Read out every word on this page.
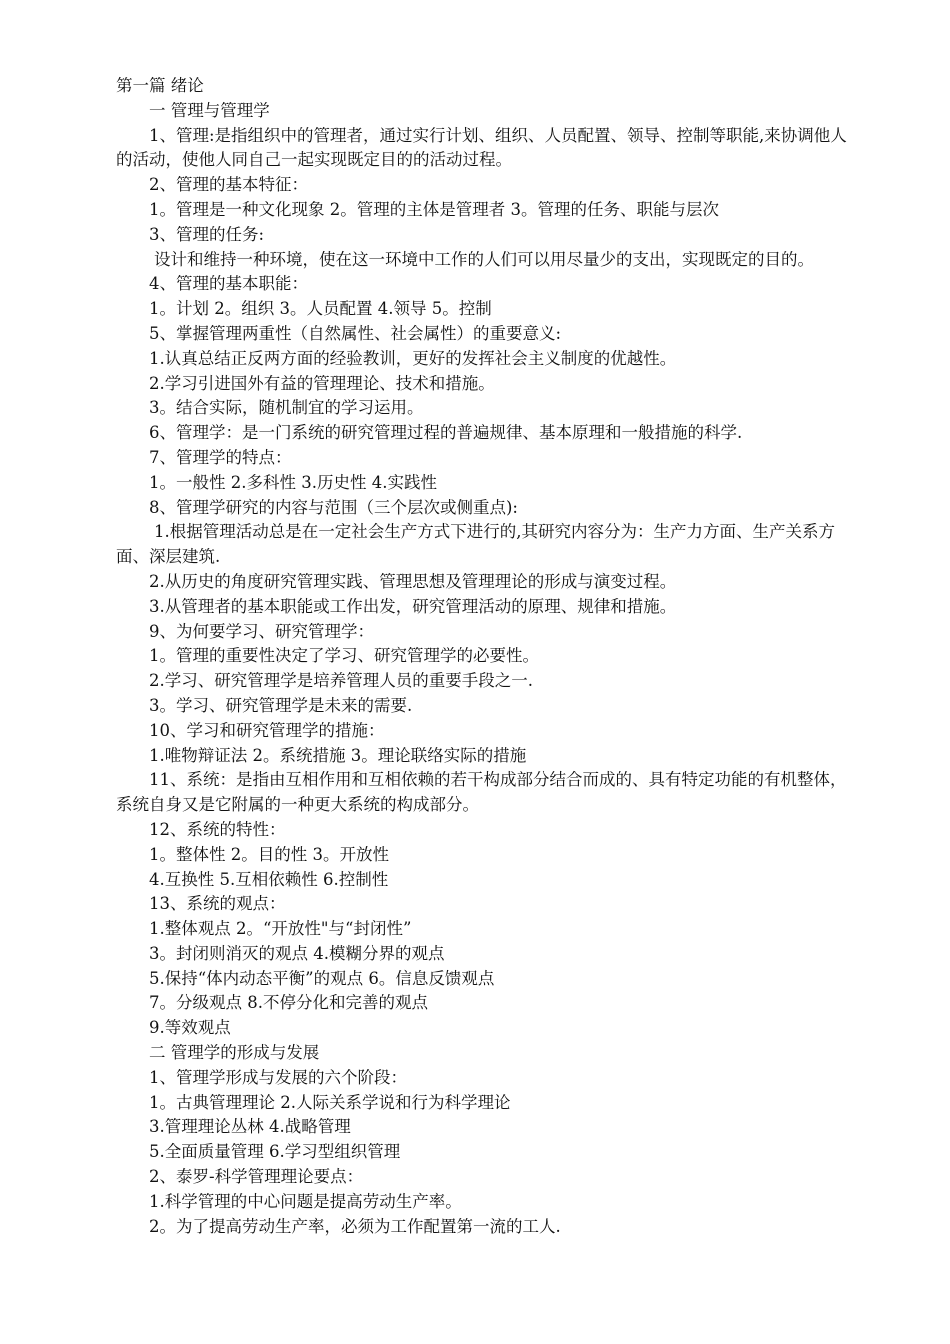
第一篇 绪论

一 管理与管理学

1、管理:是指组织中的管理者，通过实行计划、组织、人员配置、领导、控制等职能,来协调他人的活动，使他人同自己一起实现既定目的的活动过程。

2、管理的基本特征：

1。管理是一种文化现象 2。管理的主体是管理者 3。管理的任务、职能与层次

3、管理的任务:

设计和维持一种环境，使在这一环境中工作的人们可以用尽量少的支出，实现既定的目的。

4、管理的基本职能：

1。计划 2。组织 3。人员配置 4.领导 5。控制

5、掌握管理两重性（自然属性、社会属性）的重要意义:

1.认真总结正反两方面的经验教训，更好的发挥社会主义制度的优越性。

2.学习引进国外有益的管理理论、技术和措施。

3。结合实际，随机制宜的学习运用。

6、管理学：是一门系统的研究管理过程的普遍规律、基本原理和一般措施的科学.

7、管理学的特点：

1。一般性 2.多科性 3.历史性 4.实践性

8、管理学研究的内容与范围（三个层次或侧重点):

1.根据管理活动总是在一定社会生产方式下进行的,其研究内容分为：生产力方面、生产关系方面、深层建筑.

2.从历史的角度研究管理实践、管理思想及管理理论的形成与演变过程。

3.从管理者的基本职能或工作出发，研究管理活动的原理、规律和措施。

9、为何要学习、研究管理学：

1。管理的重要性决定了学习、研究管理学的必要性。

2.学习、研究管理学是培养管理人员的重要手段之一.

3。学习、研究管理学是未来的需要.

10、学习和研究管理学的措施：

1.唯物辩证法 2。系统措施 3。理论联络实际的措施

11、系统：是指由互相作用和互相依赖的若干构成部分结合而成的、具有特定功能的有机整体，系统自身又是它附属的一种更大系统的构成部分。

12、系统的特性：

1。整体性 2。目的性 3。开放性

4.互换性 5.互相依赖性 6.控制性

13、系统的观点：

1.整体观点 2。“开放性"与“封闭性”

3。封闭则消灭的观点 4.模糊分界的观点

5.保持“体内动态平衡”的观点 6。信息反馈观点

7。分级观点 8.不停分化和完善的观点

9.等效观点

二 管理学的形成与发展

1、管理学形成与发展的六个阶段：

1。古典管理理论 2.人际关系学说和行为科学理论

3.管理理论丛林 4.战略管理

5.全面质量管理 6.学习型组织管理

2、泰罗-科学管理理论要点：

1.科学管理的中心问题是提高劳动生产率。

2。为了提高劳动生产率，必须为工作配置第一流的工人.
